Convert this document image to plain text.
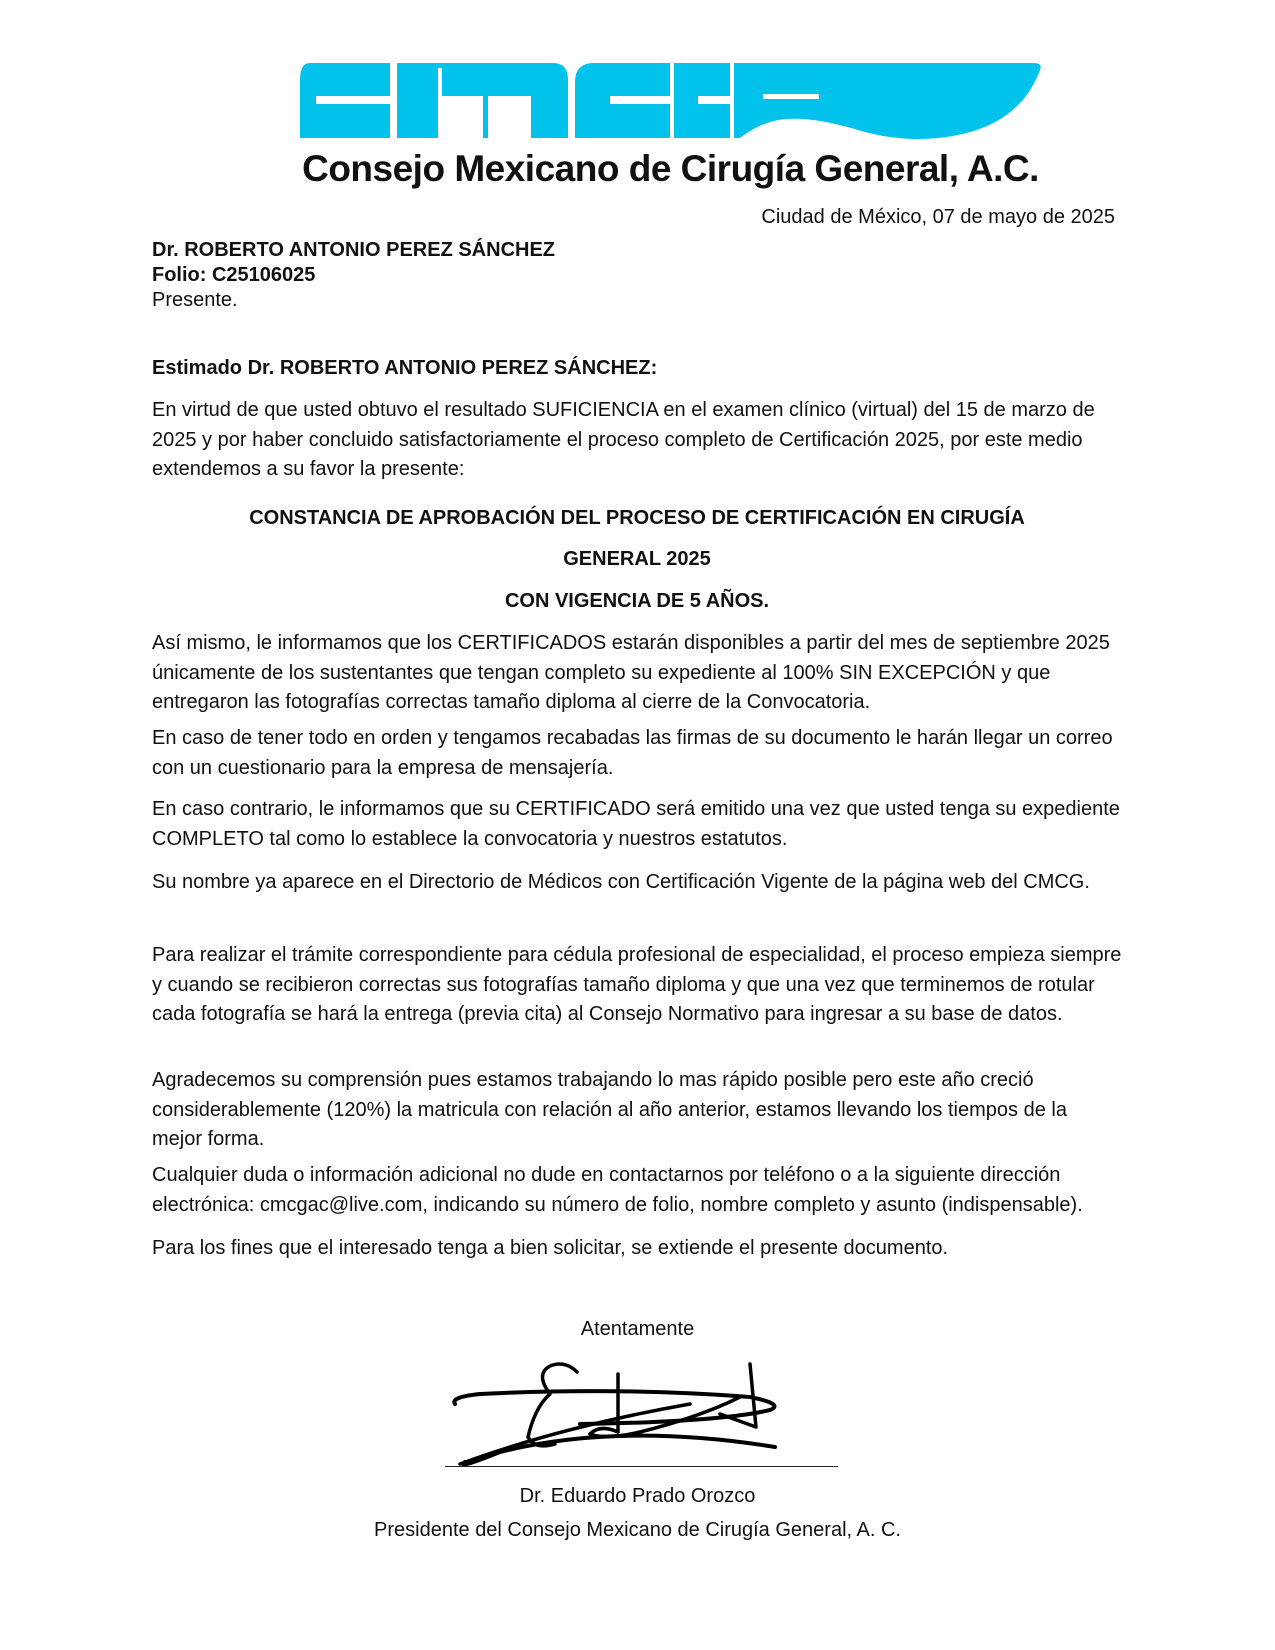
Consejo Mexicano de Cirugía General, A.C.
Ciudad de México, 07 de mayo de 2025
Dr. ROBERTO ANTONIO PEREZ SÁNCHEZ
Folio: C25106025
Presente.
Estimado Dr. ROBERTO ANTONIO PEREZ SÁNCHEZ:

En virtud de que usted obtuvo el resultado SUFICIENCIA en el examen clínico (virtual) del 15 de marzo de 2025 y por haber concluido satisfactoriamente el proceso completo de Certificación 2025, por este medio extendemos a su favor la presente:

CONSTANCIA DE APROBACIÓN DEL PROCESO DE CERTIFICACIÓN EN CIRUGÍA
GENERAL 2025
CON VIGENCIA DE 5 AÑOS.

Así mismo, le informamos que los CERTIFICADOS estarán disponibles a partir del mes de septiembre 2025 únicamente de los sustentantes que tengan completo su expediente al 100% SIN EXCEPCIÓN y que entregaron las fotografías correctas tamaño diploma al cierre de la Convocatoria.

En caso de tener todo en orden y tengamos recabadas las firmas de su documento le harán llegar un correo con un cuestionario para la empresa de mensajería.

En caso contrario, le informamos que su CERTIFICADO será emitido una vez que usted tenga su expediente COMPLETO tal como lo establece la convocatoria y nuestros estatutos.

Su nombre ya aparece en el Directorio de Médicos con Certificación Vigente de la página web del CMCG.

Para realizar el trámite correspondiente para cédula profesional de especialidad, el proceso empieza siempre y cuando se recibieron correctas sus fotografías tamaño diploma y que una vez que terminemos de rotular cada fotografía se hará la entrega (previa cita) al Consejo Normativo para ingresar a su base de datos.

Agradecemos su comprensión pues estamos trabajando lo mas rápido posible pero este año creció considerablemente (120%) la matricula con relación al año anterior, estamos llevando los tiempos de la mejor forma.

Cualquier duda o información adicional no dude en contactarnos por teléfono o a la siguiente dirección electrónica: cmcgac@live.com, indicando su número de folio, nombre completo y asunto (indispensable).

Para los fines que el interesado tenga a bien solicitar, se extiende el presente documento.

Atentamente
Dr. Eduardo Prado Orozco
Presidente del Consejo Mexicano de Cirugía General, A. C.
